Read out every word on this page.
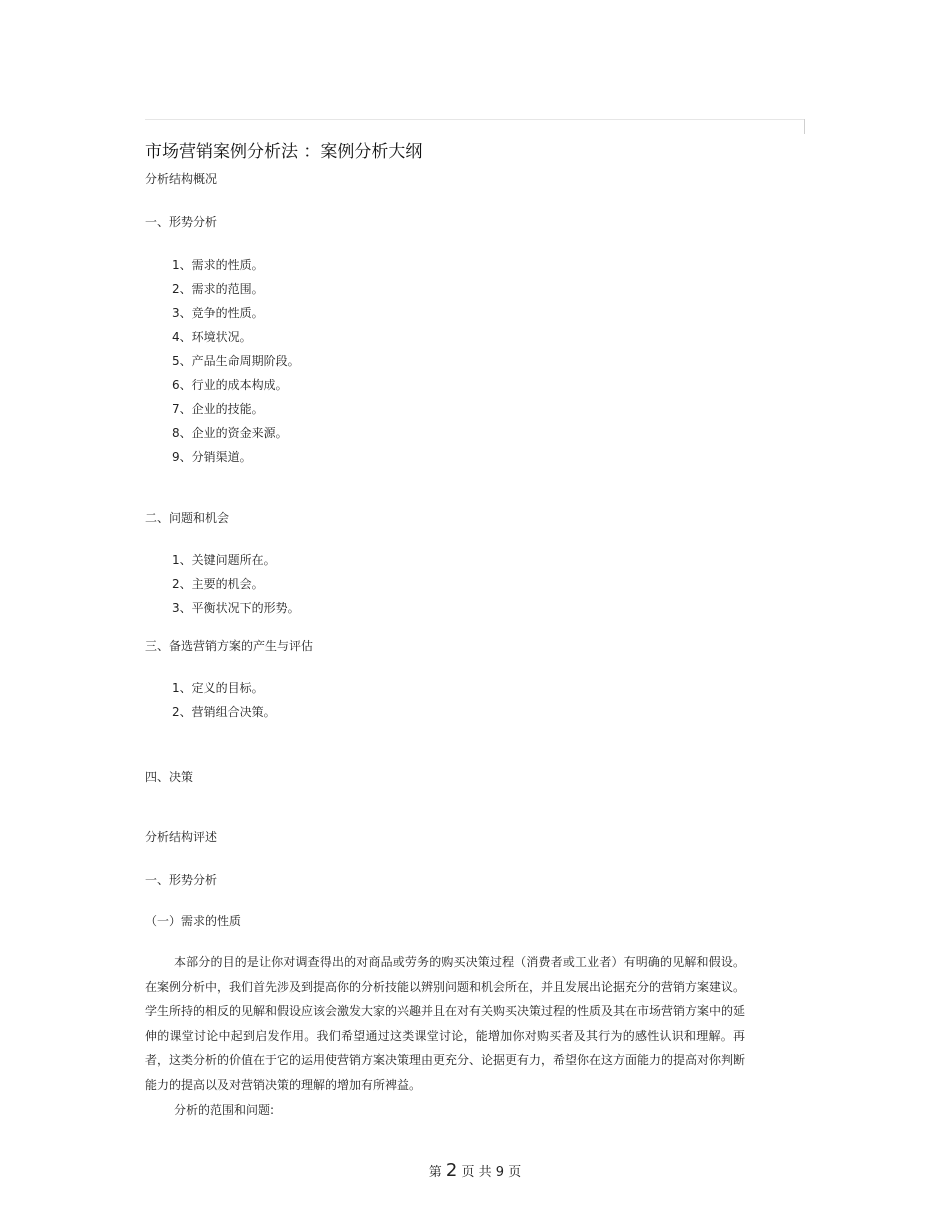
市场营销案例分析法 ：案例分析大纲
分析结构概况
一、形势分析
1、需求的性质。
2、需求的范围。
3、竞争的性质。
4、环境状况。
5、产品生命周期阶段。
6、行业的成本构成。
7、企业的技能。
8、企业的资金来源。
9、分销渠道。
二、问题和机会
1、关键问题所在。
2、主要的机会。
3、平衡状况下的形势。
三、备选营销方案的产生与评估
1、定义的目标。
2、营销组合决策。
四、决策
分析结构评述
一、形势分析
（一）需求的性质

本部分的目的是让你对调查得出的对商品或劳务的购买决策过程（消费者或工业者）有明确的见解和假设。在案例分析中，我们首先涉及到提高你的分析技能以辨别问题和机会所在，并且发展出论据充分的营销方案建议。学生所持的相反的见解和假设应该会激发大家的兴趣并且在对有关购买决策过程的性质及其在市场营销方案中的延伸的课堂讨论中起到启发作用。我们希望通过这类课堂讨论，能增加你对购买者及其行为的感性认识和理解。再者，这类分析的价值在于它的运用使营销方案决策理由更充分、论据更有力，希望你在这方面能力的提高对你判断能力的提高以及对营销决策的理解的增加有所裨益。

分析的范围和问题:

第 2 页 共 9 页
